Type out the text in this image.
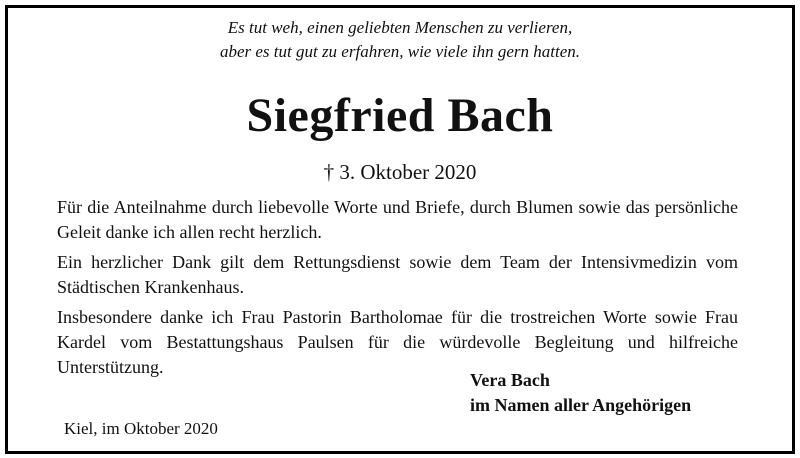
Es tut weh, einen geliebten Menschen zu verlieren,
aber es tut gut zu erfahren, wie viele ihn gern hatten.
Siegfried Bach
† 3. Oktober 2020

Für die Anteilnahme durch liebevolle Worte und Briefe, durch Blumen sowie das persönliche Geleit danke ich allen recht herzlich.

Ein herzlicher Dank gilt dem Rettungsdienst sowie dem Team der Intensivmedizin vom Städtischen Krankenhaus.

Insbesondere danke ich Frau Pastorin Bartholomae für die trostreichen Worte sowie Frau Kardel vom Bestattungshaus Paulsen für die würdevolle Begleitung und hilfreiche Unterstützung.

Vera Bach
im Namen aller Angehörigen
Kiel, im Oktober 2020
